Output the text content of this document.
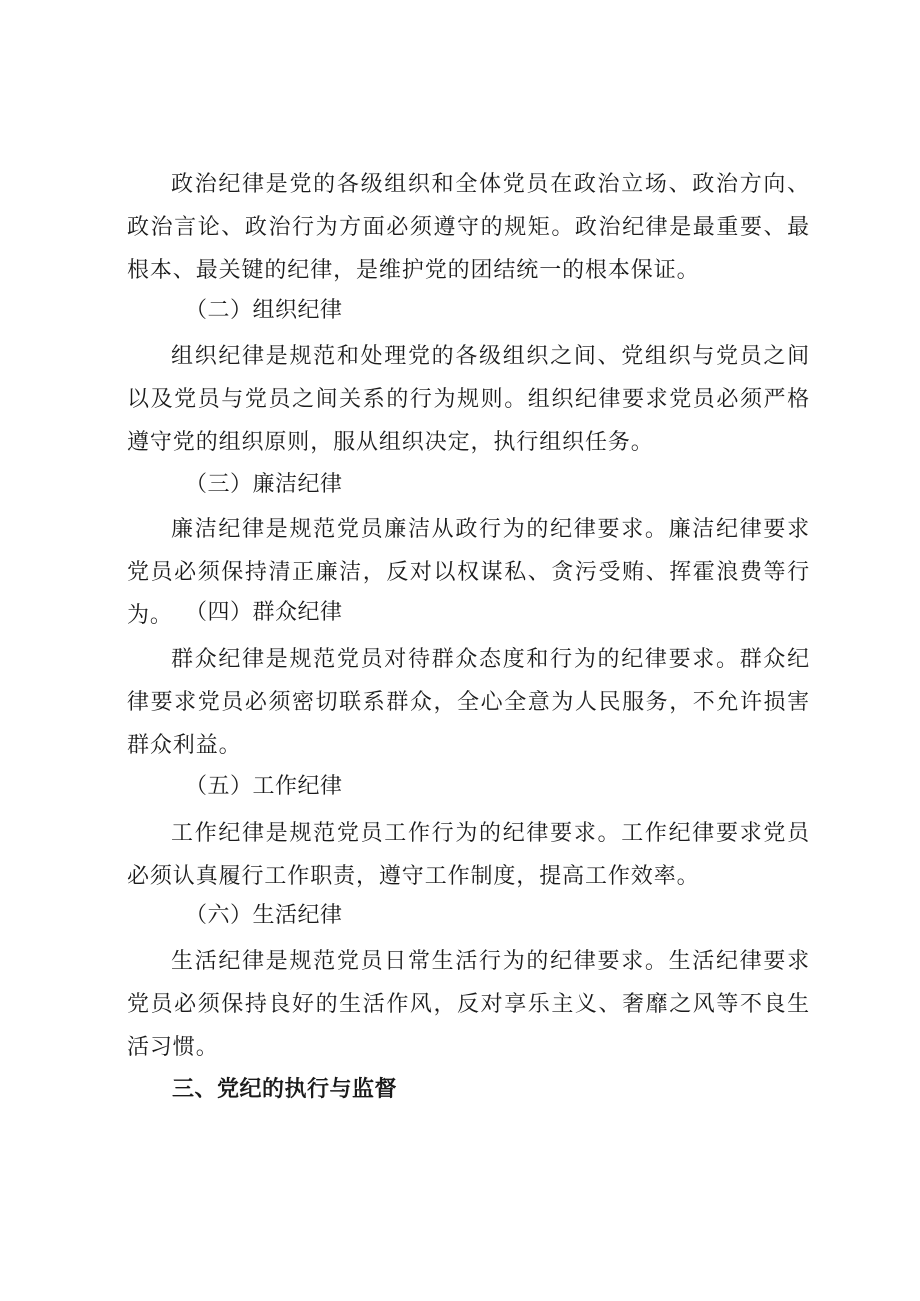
政治纪律是党的各级组织和全体党员在政治立场、政治方向、政治言论、政治行为方面必须遵守的规矩。政治纪律是最重要、最根本、最关键的纪律，是维护党的团结统一的根本保证。

（二）组织纪律

组织纪律是规范和处理党的各级组织之间、党组织与党员之间以及党员与党员之间关系的行为规则。组织纪律要求党员必须严格遵守党的组织原则，服从组织决定，执行组织任务。

（三）廉洁纪律

廉洁纪律是规范党员廉洁从政行为的纪律要求。廉洁纪律要求党员必须保持清正廉洁，反对以权谋私、贪污受贿、挥霍浪费等行为。 （四）群众纪律

群众纪律是规范党员对待群众态度和行为的纪律要求。群众纪律要求党员必须密切联系群众，全心全意为人民服务，不允许损害群众利益。

（五）工作纪律

工作纪律是规范党员工作行为的纪律要求。工作纪律要求党员必须认真履行工作职责，遵守工作制度，提高工作效率。

（六）生活纪律

生活纪律是规范党员日常生活行为的纪律要求。生活纪律要求党员必须保持良好的生活作风，反对享乐主义、奢靡之风等不良生活习惯。

三、党纪的执行与监督
